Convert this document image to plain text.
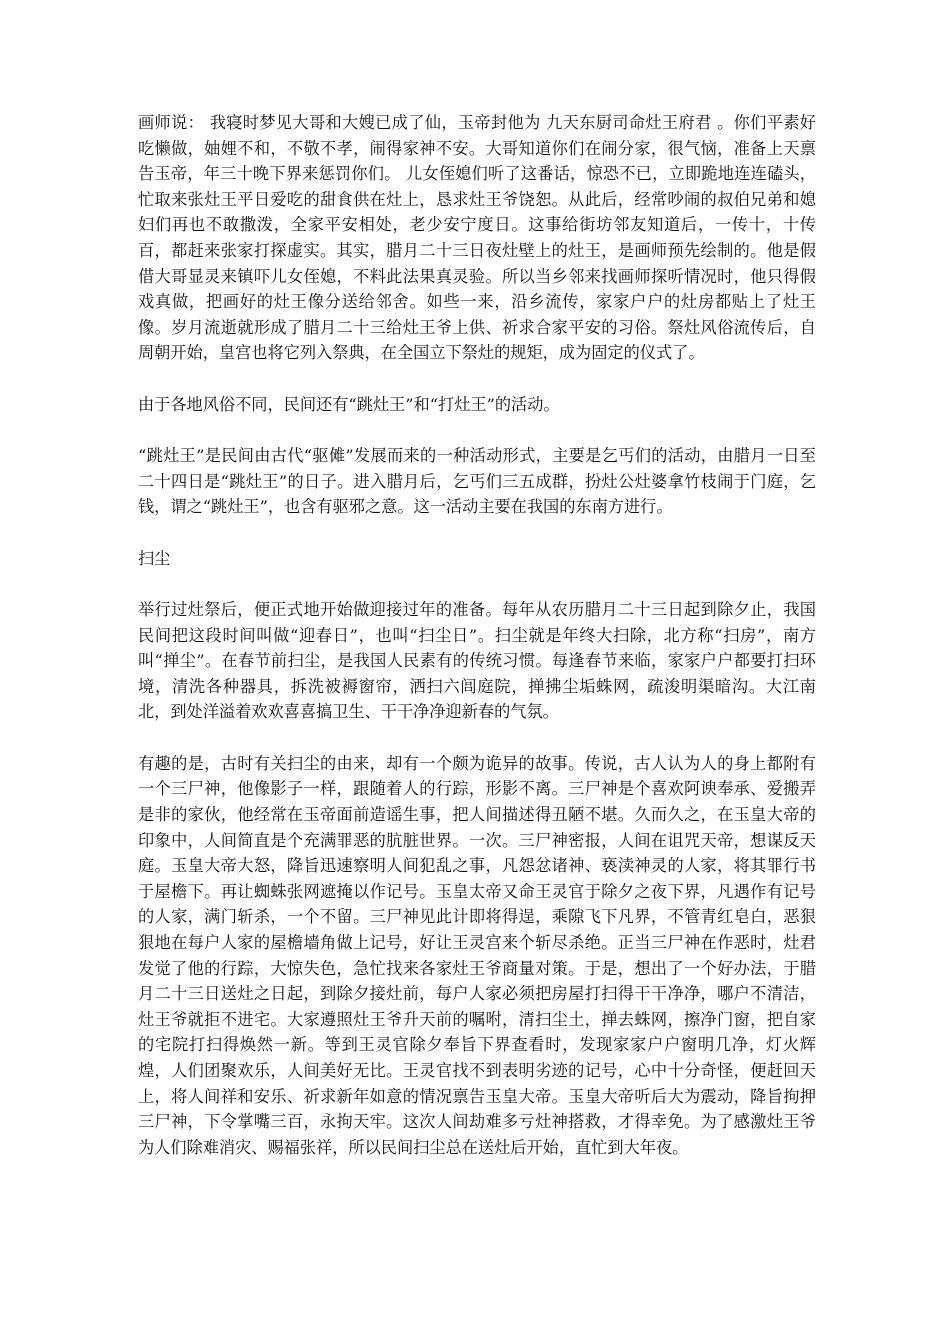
画师说： 我寝时梦见大哥和大嫂已成了仙，玉帝封他为 九天东厨司命灶王府君 。你们平素好吃懒做，妯娌不和，不敬不孝，闹得家神不安。大哥知道你们在闹分家，很气恼，准备上天禀告玉帝，年三十晚下界来惩罚你们。 儿女侄媳们听了这番话，惊恐不已，立即跪地连连磕头，忙取来张灶王平日爱吃的甜食供在灶上，恳求灶王爷饶恕。从此后，经常吵闹的叔伯兄弟和媳妇们再也不敢撒泼，全家平安相处，老少安宁度日。这事给街坊邻友知道后，一传十，十传百，都赶来张家打探虚实。其实，腊月二十三日夜灶壁上的灶王，是画师预先绘制的。他是假借大哥显灵来镇吓儿女侄媳，不料此法果真灵验。所以当乡邻来找画师探听情况时，他只得假戏真做，把画好的灶王像分送给邻舍。如些一来，沿乡流传，家家户户的灶房都贴上了灶王像。岁月流逝就形成了腊月二十三给灶王爷上供、祈求合家平安的习俗。祭灶风俗流传后，自周朝开始，皇宫也将它列入祭典，在全国立下祭灶的规矩，成为固定的仪式了。

由于各地风俗不同，民间还有“跳灶王”和“打灶王”的活动。

“跳灶王”是民间由古代“驱傩”发展而来的一种活动形式，主要是乞丐们的活动，由腊月一日至二十四日是“跳灶王”的日子。进入腊月后，乞丐们三五成群，扮灶公灶婆拿竹枝闹于门庭，乞钱，谓之“跳灶王”，也含有驱邪之意。这一活动主要在我国的东南方进行。

扫尘

举行过灶祭后，便正式地开始做迎接过年的准备。每年从农历腊月二十三日起到除夕止，我国民间把这段时间叫做“迎春日”，也叫“扫尘日”。扫尘就是年终大扫除，北方称“扫房”，南方叫“掸尘”。在春节前扫尘，是我国人民素有的传统习惯。每逢春节来临，家家户户都要打扫环境，清洗各种器具，拆洗被褥窗帘，洒扫六闾庭院，掸拂尘垢蛛网，疏浚明渠暗沟。大江南北，到处洋溢着欢欢喜喜搞卫生、干干净净迎新春的气氛。

有趣的是，古时有关扫尘的由来，却有一个颇为诡异的故事。传说，古人认为人的身上都附有一个三尸神，他像影子一样，跟随着人的行踪，形影不离。三尸神是个喜欢阿谀奉承、爱搬弄是非的家伙，他经常在玉帝面前造谣生事，把人间描述得丑陋不堪。久而久之，在玉皇大帝的印象中，人间简直是个充满罪恶的肮脏世界。一次。三尸神密报，人间在诅咒天帝，想谋反天庭。玉皇大帝大怒，降旨迅速察明人间犯乱之事，凡怨忿诸神、亵渎神灵的人家，将其罪行书于屋檐下。再让蜘蛛张网遮掩以作记号。玉皇太帝又命王灵官于除夕之夜下界，凡遇作有记号的人家，满门斩杀，一个不留。三尸神见此计即将得逞，乘隙飞下凡界，不管青红皂白，恶狠狠地在每户人家的屋檐墙角做上记号，好让王灵宫来个斩尽杀绝。正当三尸神在作恶时，灶君发觉了他的行踪，大惊失色，急忙找来各家灶王爷商量对策。于是，想出了一个好办法，于腊月二十三日送灶之日起，到除夕接灶前，每户人家必须把房屋打扫得干干净净，哪户不清洁，灶王爷就拒不进宅。大家遵照灶王爷升天前的嘱咐，清扫尘土，掸去蛛网，擦净门窗，把自家的宅院打扫得焕然一新。等到王灵官除夕奉旨下界查看时，发现家家户户窗明几净，灯火辉煌，人们团聚欢乐，人间美好无比。王灵官找不到表明劣迹的记号，心中十分奇怪，便赶回天上，将人间祥和安乐、祈求新年如意的情况禀告玉皇大帝。玉皇大帝听后大为震动，降旨拘押三尸神，下令掌嘴三百，永拘天牢。这次人间劫难多亏灶神搭救，才得幸免。为了感激灶王爷为人们除难消灾、赐福张祥，所以民间扫尘总在送灶后开始，直忙到大年夜。
